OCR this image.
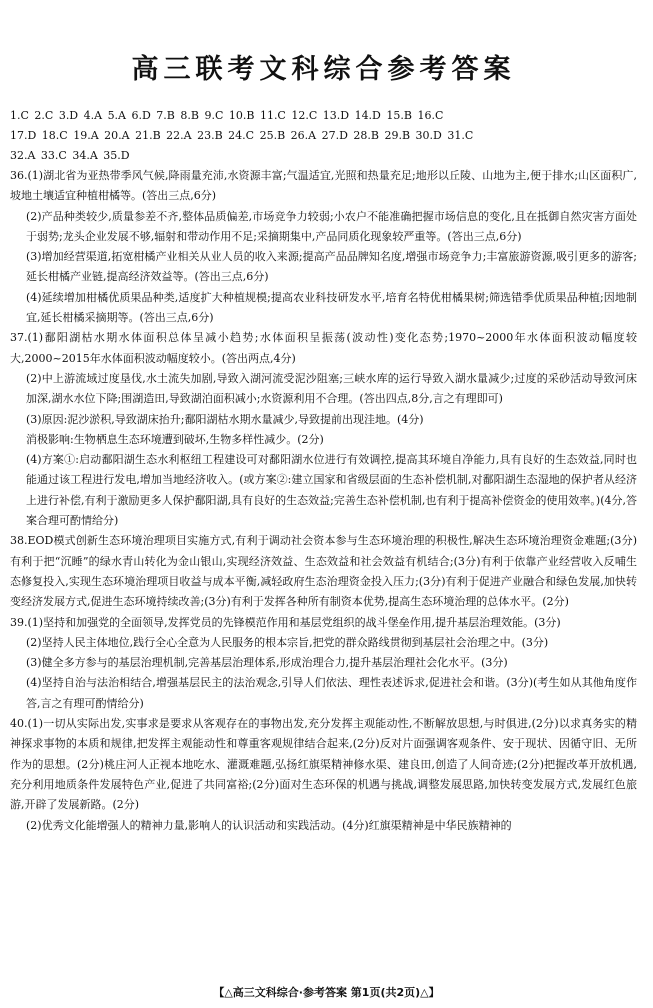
高三联考文科综合参考答案
1.C 2.C 3.D 4.A 5.A 6.D 7.B 8.B 9.C 10.B 11.C 12.C 13.D 14.D 15.B 16.C
17.D 18.C 19.A 20.A 21.B 22.A 23.B 24.C 25.B 26.A 27.D 28.B 29.B 30.D 31.C
32.A 33.C 34.A 35.D

36.(1)湖北省为亚热带季风气候,降雨量充沛,水资源丰富;气温适宜,光照和热量充足;地形以丘陵、山地为主,便于排水;山区面积广,坡地土壤适宜种植柑橘等。(答出三点,6分)

(2)产品种类较少,质量参差不齐,整体品质偏差,市场竞争力较弱;小农户不能准确把握市场信息的变化,且在抵御自然灾害方面处于弱势;龙头企业发展不够,辐射和带动作用不足;采摘期集中,产品同质化现象较严重等。(答出三点,6分)

(3)增加经营渠道,拓宽柑橘产业相关从业人员的收入来源;提高产品品牌知名度,增强市场竞争力;丰富旅游资源,吸引更多的游客;延长柑橘产业链,提高经济效益等。(答出三点,6分)

(4)延续增加柑橘优质果品种类,适度扩大种植规模;提高农业科技研发水平,培育名特优柑橘果树;筛选错季优质果品种植;因地制宜,延长柑橘采摘期等。(答出三点,6分)

37.(1)鄱阳湖枯水期水体面积总体呈减小趋势;水体面积呈振荡(波动性)变化态势;1970~2000年水体面积波动幅度较大,2000~2015年水体面积波动幅度较小。(答出两点,4分)

(2)中上游流域过度垦伐,水土流失加剧,导致入湖河流受泥沙阻塞;三峡水库的运行导致入湖水量减少;过度的采砂活动导致河床加深,湖水水位下降;围湖造田,导致湖泊面积减小;水资源利用不合理。(答出四点,8分,言之有理即可)

(3)原因:泥沙淤积,导致湖床抬升;鄱阳湖枯水期水量减少,导致提前出现洼地。(4分)

消极影响:生物栖息生态环境遭到破坏,生物多样性减少。(2分)

(4)方案①:启动鄱阳湖生态水利枢纽工程建设可对鄱阳湖水位进行有效调控,提高其环境自净能力,具有良好的生态效益,同时也能通过该工程进行发电,增加当地经济收入。(或方案②:建立国家和省级层面的生态补偿机制,对鄱阳湖生态湿地的保护者从经济上进行补偿,有利于激励更多人保护鄱阳湖,具有良好的生态效益;完善生态补偿机制,也有利于提高补偿资金的使用效率。)(4分,答案合理可酌情给分)

38.EOD模式创新生态环境治理项目实施方式,有利于调动社会资本参与生态环境治理的积极性,解决生态环境治理资金难题;(3分)有利于把“沉睡”的绿水青山转化为金山银山,实现经济效益、生态效益和社会效益有机结合;(3分)有利于依靠产业经营收入反哺生态修复投入,实现生态环境治理项目收益与成本平衡,减轻政府生态治理资金投入压力;(3分)有利于促进产业融合和绿色发展,加快转变经济发展方式,促进生态环境持续改善;(3分)有利于发挥各种所有制资本优势,提高生态环境治理的总体水平。(2分)

39.(1)坚持和加强党的全面领导,发挥党员的先锋模范作用和基层党组织的战斗堡垒作用,提升基层治理效能。(3分)

(2)坚持人民主体地位,践行全心全意为人民服务的根本宗旨,把党的群众路线贯彻到基层社会治理之中。(3分)

(3)健全多方参与的基层治理机制,完善基层治理体系,形成治理合力,提升基层治理社会化水平。(3分)

(4)坚持自治与法治相结合,增强基层民主的法治观念,引导人们依法、理性表述诉求,促进社会和谐。(3分)(考生如从其他角度作答,言之有理可酌情给分)

40.(1)一切从实际出发,实事求是要求从客观存在的事物出发,充分发挥主观能动性,不断解放思想,与时俱进,(2分)以求真务实的精神探求事物的本质和规律,把发挥主观能动性和尊重客观规律结合起来,(2分)反对片面强调客观条件、安于现状、因循守旧、无所作为的思想。(2分)桃庄河人正视本地吃水、灌溉难题,弘扬红旗渠精神修水渠、建良田,创造了人间奇迹;(2分)把握改革开放机遇,充分利用地质条件发展特色产业,促进了共同富裕;(2分)面对生态环保的机遇与挑战,调整发展思路,加快转变发展方式,发展红色旅游,开辟了发展新路。(2分)

(2)优秀文化能增强人的精神力量,影响人的认识活动和实践活动。(4分)红旗渠精神是中华民族精神的

【△高三文科综合·参考答案 第1页(共2页)△】
